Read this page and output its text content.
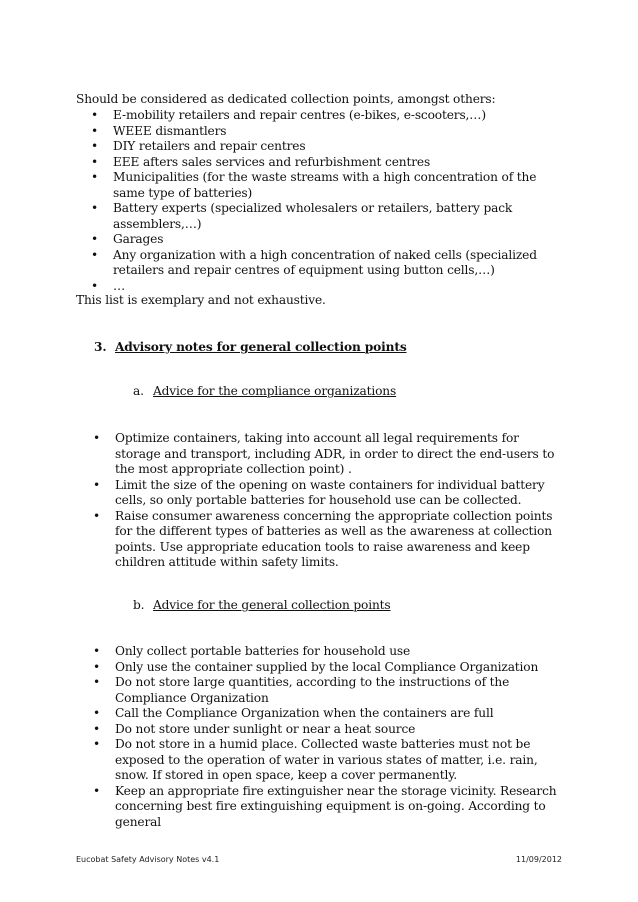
Should be considered as dedicated collection points, amongst others:
• E-mobility retailers and repair centres (e-bikes, e-scooters,…)
• WEEE dismantlers
• DIY retailers and repair centres
• EEE afters sales services and refurbishment centres
• Municipalities (for the waste streams with a high concentration of the same type of batteries)
• Battery experts (specialized wholesalers or retailers, battery pack assemblers,…)
• Garages
• Any organization with a high concentration of naked cells (specialized retailers and repair centres of equipment using button cells,…)
• …
This list is exemplary and not exhaustive.
3. Advisory notes for general collection points
a. Advice for the compliance organizations
• Optimize containers, taking into account all legal requirements for storage and transport, including ADR, in order to direct the end-users to the most appropriate collection point) .
• Limit the size of the opening on waste containers for individual battery cells, so only portable batteries for household use can be collected.
• Raise consumer awareness concerning the appropriate collection points for the different types of batteries as well as the awareness at collection points. Use appropriate education tools to raise awareness and keep children attitude within safety limits.
b. Advice for the general collection points
• Only collect portable batteries for household use
• Only use the container supplied by the local Compliance Organization
• Do not store large quantities, according to the instructions of the Compliance Organization
• Call the Compliance Organization when the containers are full
• Do not store under sunlight or near a heat source
• Do not store in a humid place. Collected waste batteries must not be exposed to the operation of water in various states of matter, i.e. rain, snow. If stored in open space, keep a cover permanently.
• Keep an appropriate fire extinguisher near the storage vicinity. Research concerning best fire extinguishing equipment is on-going. According to general
Eucobat Safety Advisory Notes v4.1	11/09/2012
